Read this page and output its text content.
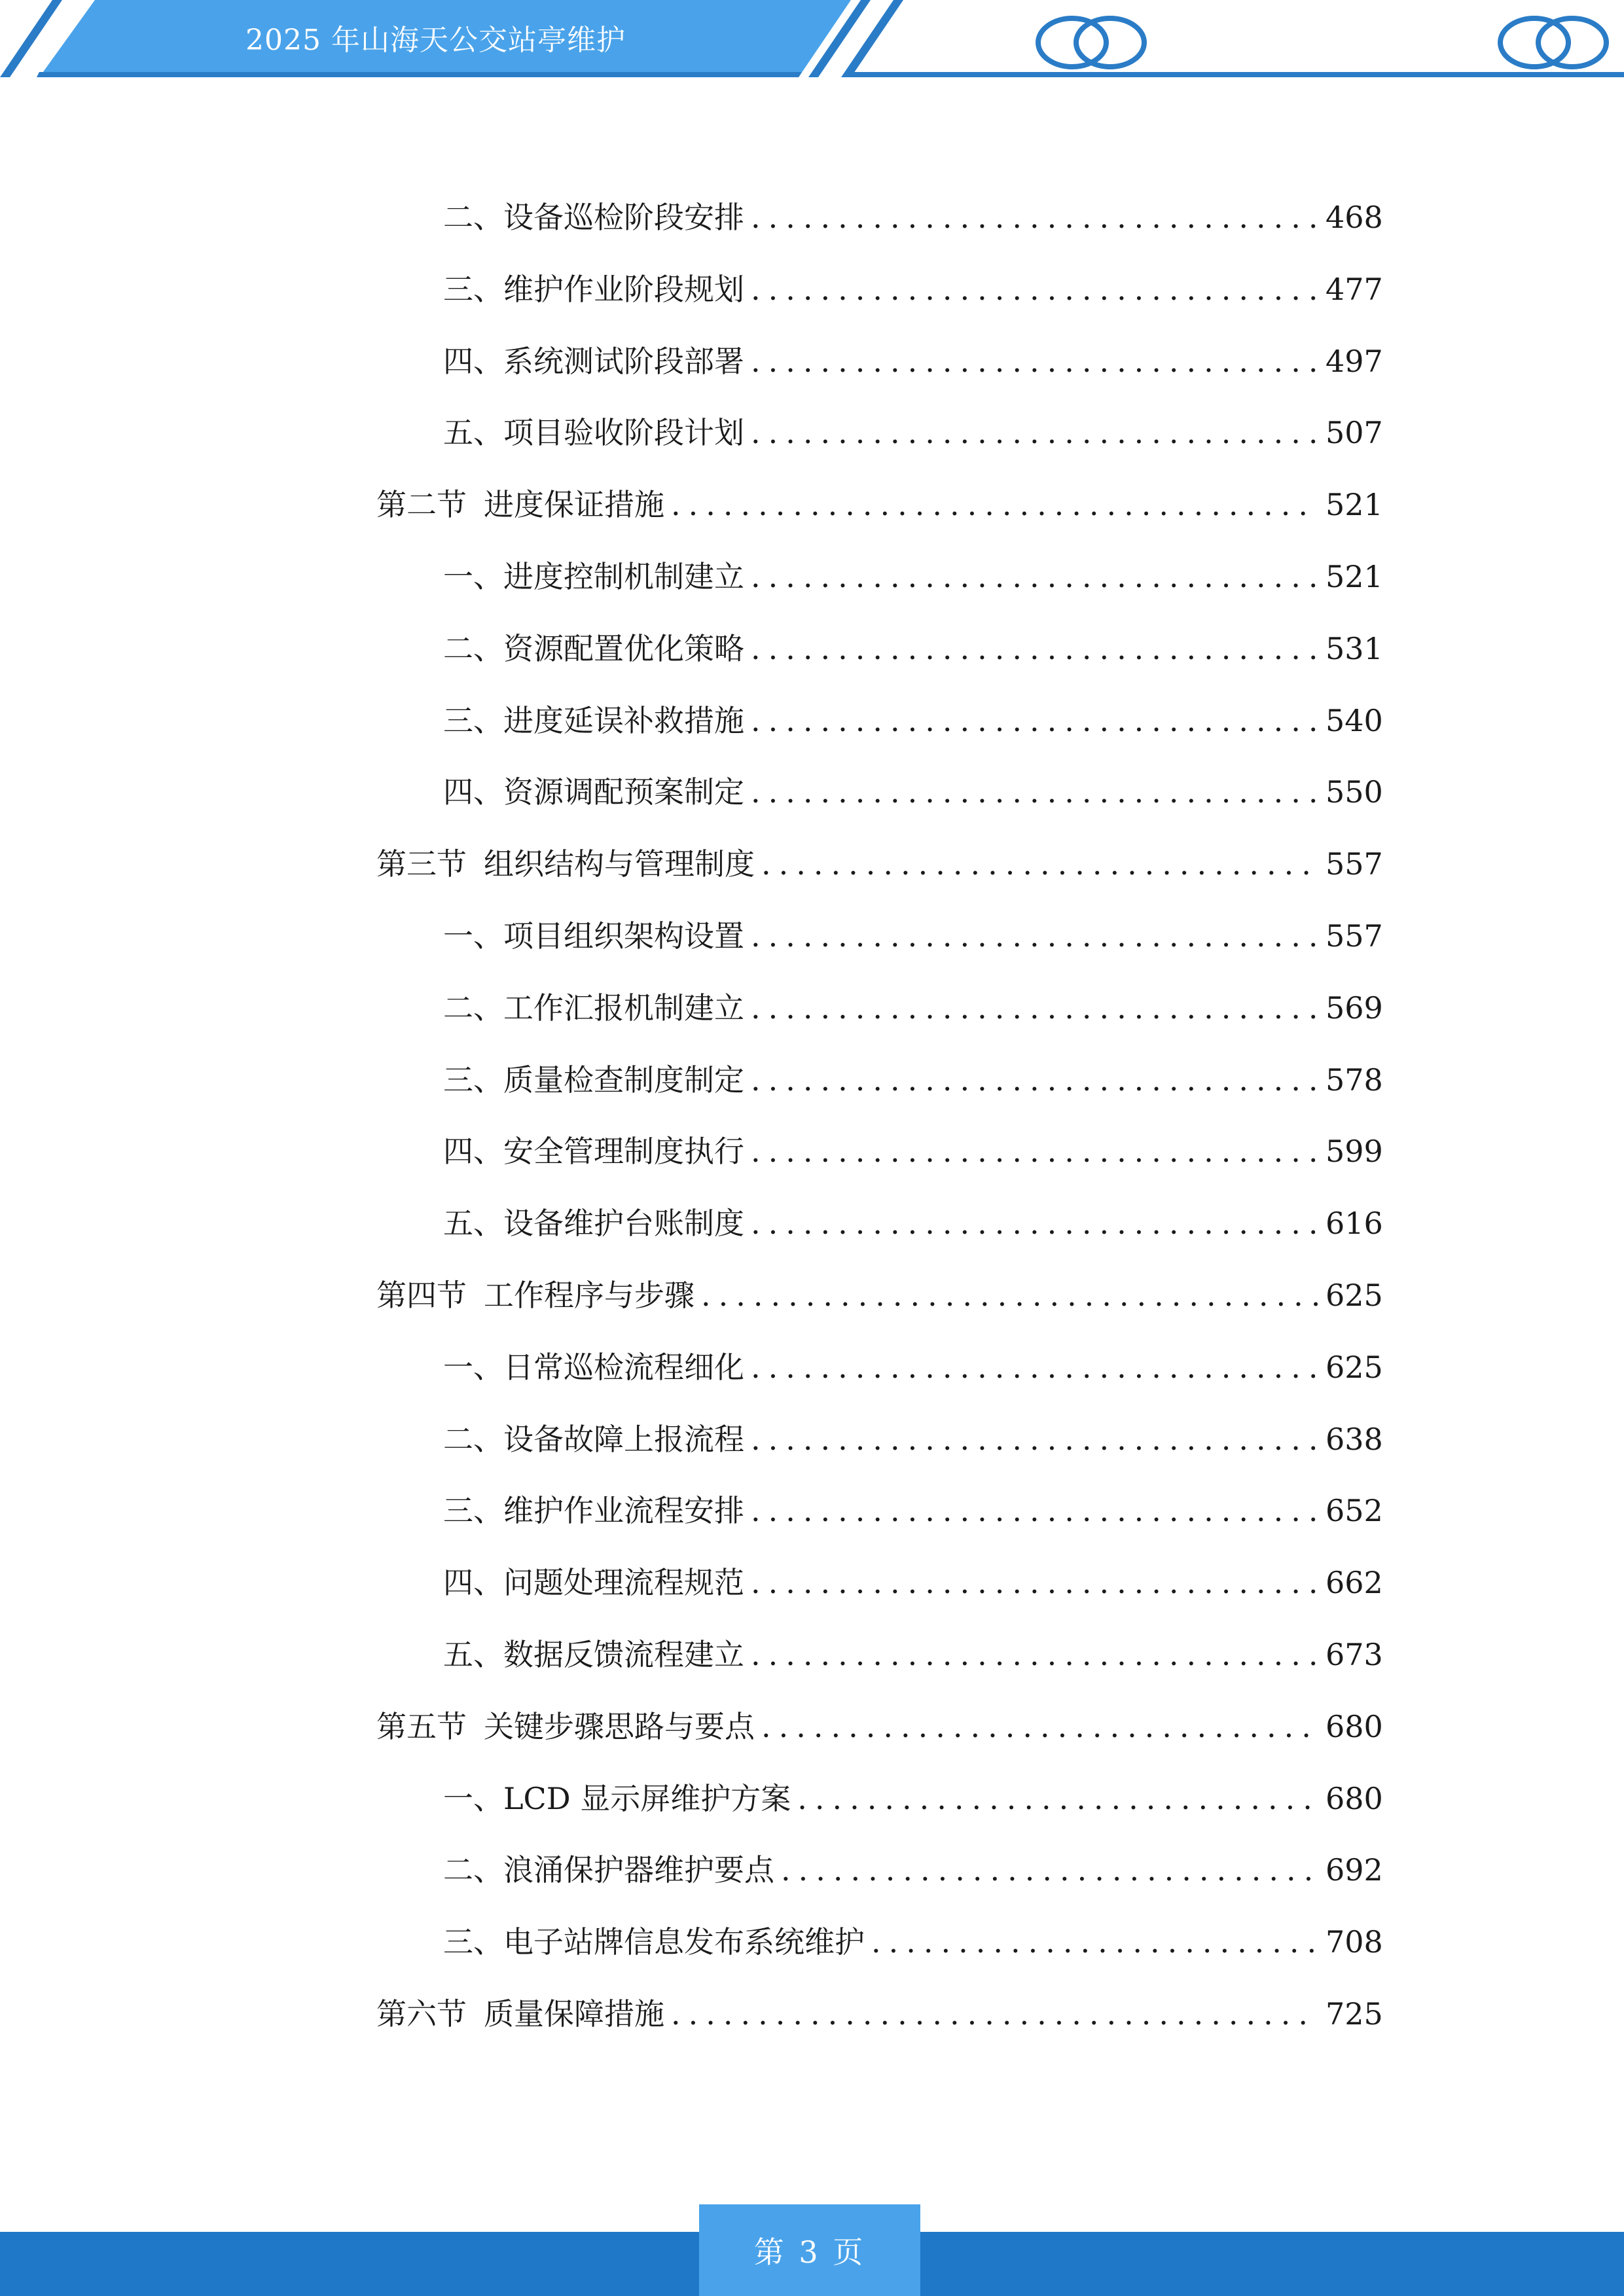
2025 年山海天公交站亭维护
二、 设备巡检阶段安排 .....	468
三、 维护作业阶段规划 .....	477
四、 系统测试阶段部署 .....	497
五、 项目验收阶段计划 .....	507
第二节 进度保证措施 .....	521
一、 进度控制机制建立 .....	521
二、 资源配置优化策略 .....	531
三、 进度延误补救措施 .....	540
四、 资源调配预案制定 .....	550
第三节 组织结构与管理制度 .....	557
一、 项目组织架构设置 .....	557
二、 工作汇报机制建立 .....	569
三、 质量检查制度制定 .....	578
四、 安全管理制度执行 .....	599
五、 设备维护台账制度 .....	616
第四节 工作程序与步骤 .....	625
一、 日常巡检流程细化 .....	625
二、 设备故障上报流程 .....	638
三、 维护作业流程安排 .....	652
四、 问题处理流程规范 .....	662
五、 数据反馈流程建立 .....	673
第五节 关键步骤思路与要点 .....	680
一、 LCD 显示屏维护方案 .....	680
二、 浪涌保护器维护要点 .....	692
三、 电子站牌信息发布系统维护 .....	708
第六节 质量保障措施 .....	725
第 3 页
